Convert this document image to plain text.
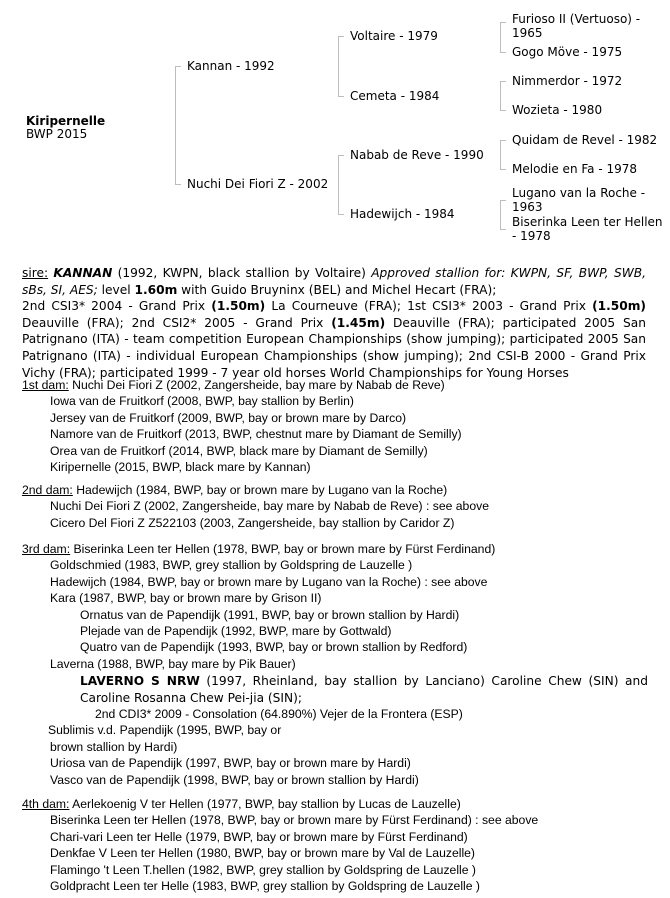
Kiripernelle
BWP 2015
Kannan - 1992
Nuchi Dei Fiori Z - 2002
Voltaire - 1979
Cemeta - 1984
Nabab de Reve - 1990
Hadewijch - 1984
Furioso II (Vertuoso) - 1965
Gogo Möve - 1975
Nimmerdor - 1972
Wozieta - 1980
Quidam de Revel - 1982
Melodie en Fa - 1978
Lugano van la Roche - 1963
Biserinka Leen ter Hellen - 1978
sire: KANNAN (1992, KWPN, black stallion by Voltaire) Approved stallion for: KWPN, SF, BWP, SWB, sBs, SI, AES; level 1.60m with Guido Bruyninx (BEL) and Michel Hecart (FRA);
2nd CSI3* 2004 - Grand Prix (1.50m) La Courneuve (FRA); 1st CSI3* 2003 - Grand Prix (1.50m) Deauville (FRA); 2nd CSI2* 2005 - Grand Prix (1.45m) Deauville (FRA); participated 2005 San Patrignano (ITA) - team competition European Championships (show jumping); participated 2005 San Patrignano (ITA) - individual European Championships (show jumping); 2nd CSI-B 2000 - Grand Prix Vichy (FRA); participated 1999 - 7 year old horses World Championships for Young Horses
1st dam: Nuchi Dei Fiori Z (2002, Zangersheide, bay mare by Nabab de Reve)
Iowa van de Fruitkorf (2008, BWP, bay stallion by Berlin)
Jersey van de Fruitkorf (2009, BWP, bay or brown mare by Darco)
Namore van de Fruitkorf (2013, BWP, chestnut mare by Diamant de Semilly)
Orea van de Fruitkorf (2014, BWP, black mare by Diamant de Semilly)
Kiripernelle (2015, BWP, black mare by Kannan)
2nd dam: Hadewijch (1984, BWP, bay or brown mare by Lugano van la Roche)
Nuchi Dei Fiori Z (2002, Zangersheide, bay mare by Nabab de Reve) : see above
Cicero Del Fiori Z Z522103 (2003, Zangersheide, bay stallion by Caridor Z)
3rd dam: Biserinka Leen ter Hellen (1978, BWP, bay or brown mare by Fürst Ferdinand)
Goldschmied (1983, BWP, grey stallion by Goldspring de Lauzelle )
Hadewijch (1984, BWP, bay or brown mare by Lugano van la Roche) : see above
Kara (1987, BWP, bay or brown mare by Grison II)
Ornatus van de Papendijk (1991, BWP, bay or brown stallion by Hardi)
Plejade van de Papendijk (1992, BWP, mare by Gottwald)
Quatro van de Papendijk (1993, BWP, bay or brown stallion by Redford)
Laverna (1988, BWP, bay mare by Pik Bauer)
LAVERNO S NRW (1997, Rheinland, bay stallion by Lanciano) Caroline Chew (SIN) and Caroline Rosanna Chew Pei-jia (SIN);
2nd CDI3* 2009 - Consolation (64.890%) Vejer de la Frontera (ESP)
Sublimis v.d. Papendijk (1995, BWP, bay or
brown stallion by Hardi)
Uriosa van de Papendijk (1997, BWP, bay or brown mare by Hardi)
Vasco van de Papendijk (1998, BWP, bay or brown stallion by Hardi)
4th dam: Aerlekoenig V ter Hellen (1977, BWP, bay stallion by Lucas de Lauzelle)
Biserinka Leen ter Hellen (1978, BWP, bay or brown mare by Fürst Ferdinand) : see above
Chari-vari Leen ter Helle (1979, BWP, bay or brown mare by Fürst Ferdinand)
Denkfae V Leen ter Hellen (1980, BWP, bay or brown mare by Val de Lauzelle)
Flamingo 't Leen T.hellen (1982, BWP, grey stallion by Goldspring de Lauzelle )
Goldpracht Leen ter Helle (1983, BWP, grey stallion by Goldspring de Lauzelle )
